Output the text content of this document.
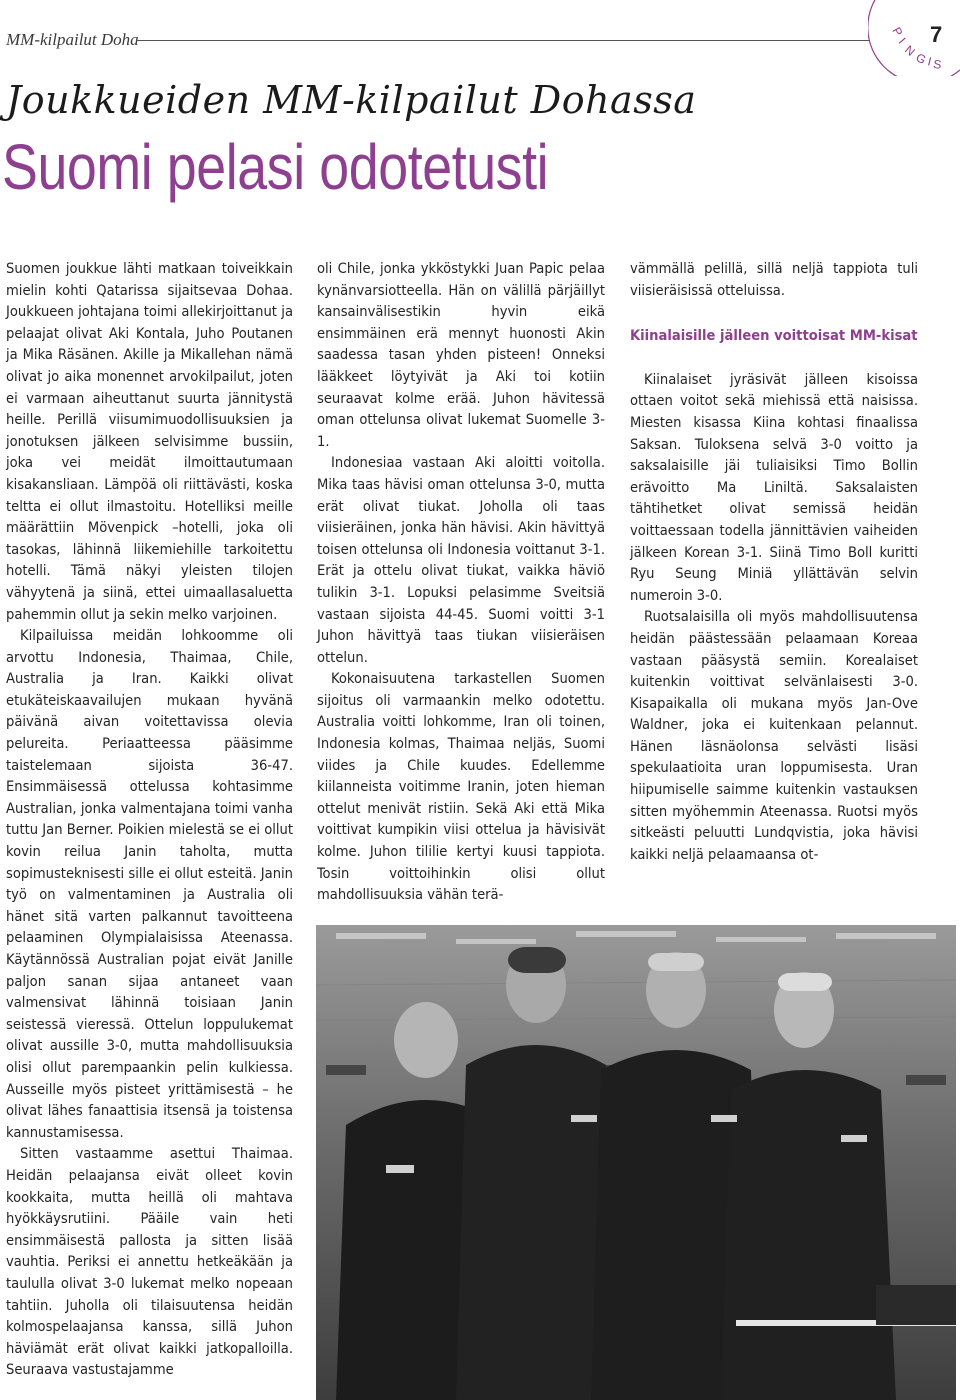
MM-kilpailut Doha	P
I
N
G
I S
7
Joukkueiden MM-kilpailut Dohassa
Suomi pelasi odotetusti

Suomen joukkue lähti matkaan toiveikkain mielin kohti Qatarissa sijaitsevaa Dohaa. Joukkueen johtajana toimi allekirjoittanut ja pelaajat olivat Aki Kontala, Juho Poutanen ja Mika Räsänen. Akille ja Mikallehan nämä olivat jo aika monennet arvokilpailut, joten ei varmaan aiheuttanut suurta jännitystä heille. Perillä viisumimuodollisuuksien ja jonotuksen jälkeen selvisimme bussiin, joka vei meidät ilmoittautumaan kisakansliaan. Lämpöä oli riittävästi, koska teltta ei ollut ilmastoitu. Hotelliksi meille määrättiin Mövenpick –hotelli, joka oli tasokas, lähinnä liikemiehille tarkoitettu hotelli. Tämä näkyi yleisten tilojen vähyytenä ja siinä, ettei uimaallasaluetta pahemmin ollut ja sekin melko varjoinen.

Kilpailuissa meidän lohkoomme oli arvottu Indonesia, Thaimaa, Chile, Australia ja Iran. Kaikki olivat etukäteiskaavailujen mukaan hyvänä päivänä aivan voitettavissa olevia pelureita. Periaatteessa pääsimme taistelemaan sijoista 36-47. Ensimmäisessä ottelussa kohtasimme Australian, jonka valmentajana toimi vanha tuttu Jan Berner. Poikien mielestä se ei ollut kovin reilua Janin taholta, mutta sopimusteknisesti sille ei ollut esteitä. Janin työ on valmentaminen ja Australia oli hänet sitä varten palkannut tavoitteena pelaaminen Olympialaisissa Ateenassa. Käytännössä Australian pojat eivät Janille paljon sanan sijaa antaneet vaan valmensivat lähinnä toisiaan Janin seistessä vieressä. Ottelun loppulukemat olivat aussille 3-0, mutta mahdollisuuksia olisi ollut parempaankin pelin kulkiessa. Ausseille myös pisteet yrittämisestä – he olivat lähes fanaattisia itsensä ja toistensa kannustamisessa.

Sitten vastaamme asettui Thaimaa. Heidän pelaajansa eivät olleet kovin kookkaita, mutta heillä oli mahtava hyökkäysrutiini. Pääile vain heti ensimmäisestä pallosta ja sitten lisää vauhtia. Periksi ei annettu hetkeäkään ja taululla olivat 3-0 lukemat melko nopeaan tahtiin. Juholla oli tilaisuutensa heidän kolmospelaajansa kanssa, sillä Juhon häviämät erät olivat kaikki jatkopalloilla. Seuraava vastustajamme

oli Chile, jonka ykköstykki Juan Papic pelaa kynänvarsiotteella. Hän on välillä pärjäillyt kansainvälisestikin hyvin eikä ensimmäinen erä mennyt huonosti Akin saadessa tasan yhden pisteen! Onneksi lääkkeet löytyivät ja Aki toi kotiin seuraavat kolme erää. Juhon hävitessä oman ottelunsa olivat lukemat Suomelle 3-1.

Indonesiaa vastaan Aki aloitti voitolla. Mika taas hävisi oman ottelunsa 3-0, mutta erät olivat tiukat. Joholla oli taas viisieräinen, jonka hän hävisi. Akin hävittyä toisen ottelunsa oli Indonesia voittanut 3-1. Erät ja ottelu olivat tiukat, vaikka häviö tulikin 3-1. Lopuksi pelasimme Sveitsiä vastaan sijoista 44-45. Suomi voitti 3-1 Juhon hävittyä taas tiukan viisieräisen ottelun.

Kokonaisuutena tarkastellen Suomen sijoitus oli varmaankin melko odotettu. Australia voitti lohkomme, Iran oli toinen, Indonesia kolmas, Thaimaa neljäs, Suomi viides ja Chile kuudes. Edellemme kiilanneista voitimme Iranin, joten hieman ottelut menivät ristiin. Sekä Aki että Mika voittivat kumpikin viisi ottelua ja hävisivät kolme. Juhon tililie kertyi kuusi tappiota. Tosin voittoihinkin olisi ollut mahdollisuuksia vähän terä-

vämmällä pelillä, sillä neljä tappiota tuli viisieräisissä otteluissa.

Kiinalaisille jälleen voittoisat MM-kisat

Kiinalaiset jyräsivät jälleen kisoissa ottaen voitot sekä miehissä että naisissa. Miesten kisassa Kiina kohtasi finaalissa Saksan. Tuloksena selvä 3-0 voitto ja saksalaisille jäi tuliaisiksi Timo Bollin erävoitto Ma Liniltä. Saksalaisten tähtihetket olivat semissä heidän voittaessaan todella jännittävien vaiheiden jälkeen Korean 3-1. Siinä Timo Boll kuritti Ryu Seung Miniä yllättävän selvin numeroin 3-0.

Ruotsalaisilla oli myös mahdollisuutensa heidän päästessään pelaamaan Koreaa vastaan pääsystä semiin. Korealaiset kuitenkin voittivat selvänlaisesti 3-0. Kisapaikalla oli mukana myös Jan-Ove Waldner, joka ei kuitenkaan pelannut. Hänen läsnäolonsa selvästi lisäsi spekulaatioita uran loppumisesta. Uran hiipumiselle saimme kuitenkin vastauksen sitten myöhemmin Ateenassa. Ruotsi myös sitkeästi peluutti Lundqvistia, joka hävisi kaikki neljä pelaamaansa ot-
